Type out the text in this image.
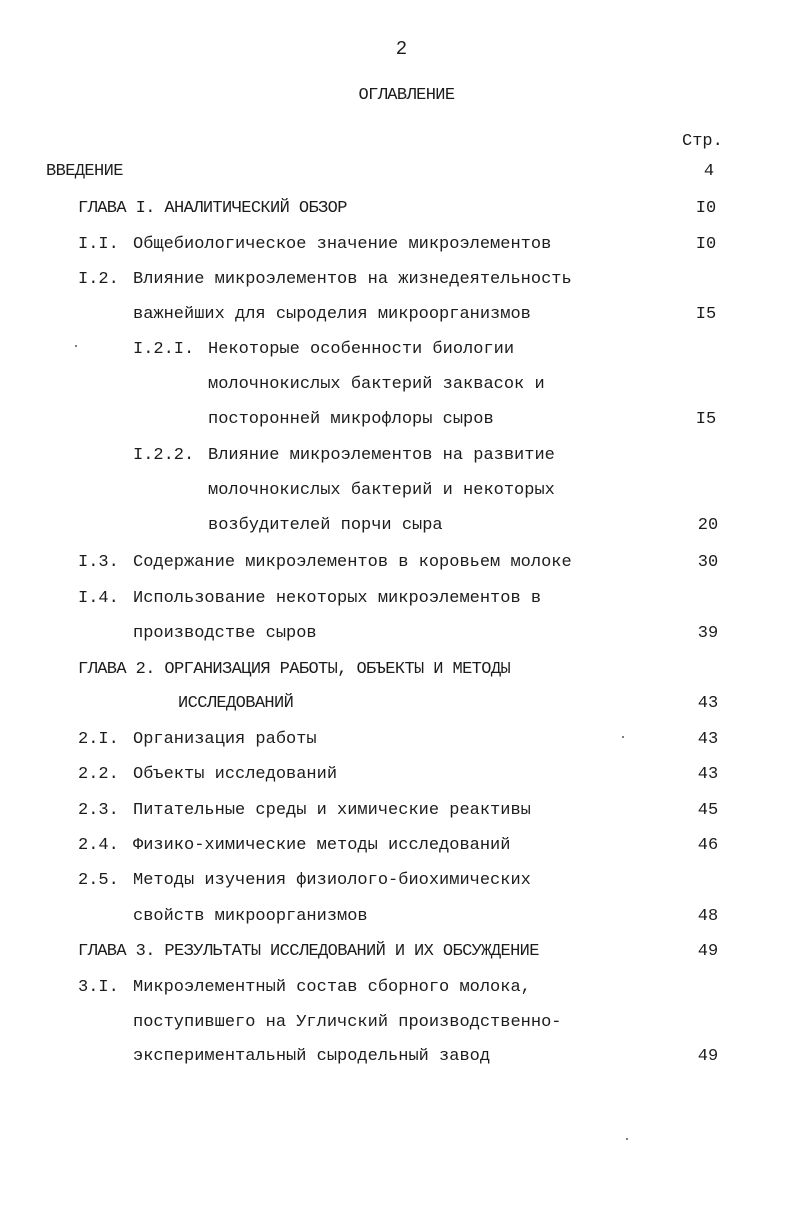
2
ОГЛАВЛЕНИЕ
Стр.
ВВЕДЕНИЕ	4
ГЛАВА I. АНАЛИТИЧЕСКИЙ ОБЗОР	I0
I.I. Общебиологическое значение микроэлементов	I0
I.2. Влияние микроэлементов на жизнедеятельность
важнейших для сыроделия микроорганизмов	I5
I.2.I. Некоторые особенности биологии
молочнокислых бактерий заквасок и
посторонней микрофлоры сыров	I5
I.2.2. Влияние микроэлементов на развитие
молочнокислых бактерий и некоторых
возбудителей порчи сыра	20
I.3. Содержание микроэлементов в коровьем молоке	30
I.4. Использование некоторых микроэлементов в
производстве сыров	39
ГЛАВА 2. ОРГАНИЗАЦИЯ РАБОТЫ, ОБЪЕКТЫ И МЕТОДЫ
ИССЛЕДОВАНИЙ	43
2.I. Организация работы	43
2.2. Объекты исследований	43
2.3. Питательные среды и химические реактивы	45
2.4. Физико-химические методы исследований	46
2.5. Методы изучения физиолого-биохимических
свойств микроорганизмов	48
ГЛАВА 3. РЕЗУЛЬТАТЫ ИССЛЕДОВАНИЙ И ИХ ОБСУЖДЕНИЕ	49
3.I. Микроэлементный состав сборного молока,
поступившего на Угличский производственно-
экспериментальный сыродельный завод	49
